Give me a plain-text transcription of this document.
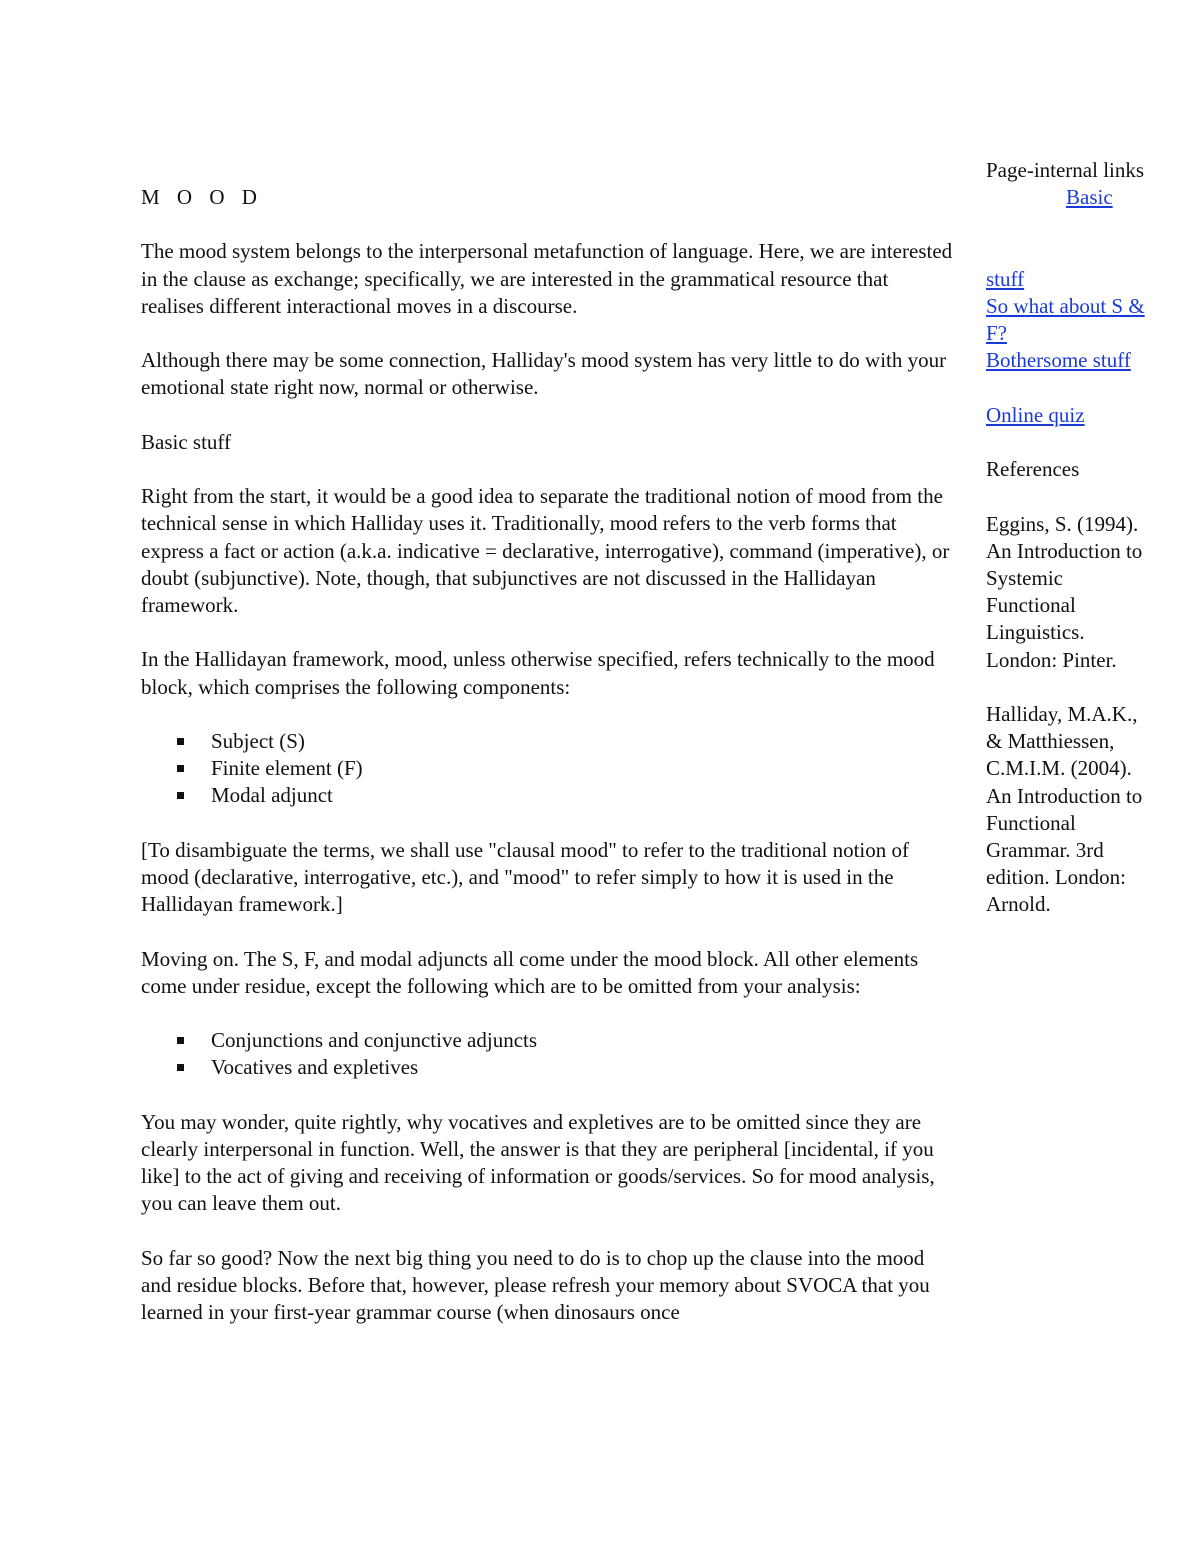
M O O D

The mood system belongs to the interpersonal metafunction of language. Here, we are interested in the clause as exchange; specifically, we are interested in the grammatical resource that realises different interactional moves in a discourse.

Although there may be some connection, Halliday's mood system has very little to do with your emotional state right now, normal or otherwise.

Basic stuff

Right from the start, it would be a good idea to separate the traditional notion of mood from the technical sense in which Halliday uses it. Traditionally, mood refers to the verb forms that express a fact or action (a.k.a. indicative = declarative, interrogative), command (imperative), or doubt (subjunctive). Note, though, that subjunctives are not discussed in the Hallidayan framework.

In the Hallidayan framework, mood, unless otherwise specified, refers technically to the mood block, which comprises the following components:

Subject (S)
Finite element (F)
Modal adjunct

[To disambiguate the terms, we shall use "clausal mood" to refer to the traditional notion of mood (declarative, interrogative, etc.), and "mood" to refer simply to how it is used in the Hallidayan framework.]

Moving on. The S, F, and modal adjuncts all come under the mood block. All other elements come under residue, except the following which are to be omitted from your analysis:

Conjunctions and conjunctive adjuncts
Vocatives and expletives

You may wonder, quite rightly, why vocatives and expletives are to be omitted since they are clearly interpersonal in function. Well, the answer is that they are peripheral [incidental, if you like] to the act of giving and receiving of information or goods/services. So for mood analysis, you can leave them out.

So far so good? Now the next big thing you need to do is to chop up the clause into the mood and residue blocks. Before that, however, please refresh your memory about SVOCA that you learned in your first-year grammar course (when dinosaurs once

Page-internal links

Basic

stuff

So what about S & F?

Bothersome stuff

Online quiz

References

Eggins, S. (1994). An Introduction to Systemic Functional Linguistics. London: Pinter.

Halliday, M.A.K., & Matthiessen, C.M.I.M. (2004). An Introduction to Functional Grammar. 3rd edition. London: Arnold.
